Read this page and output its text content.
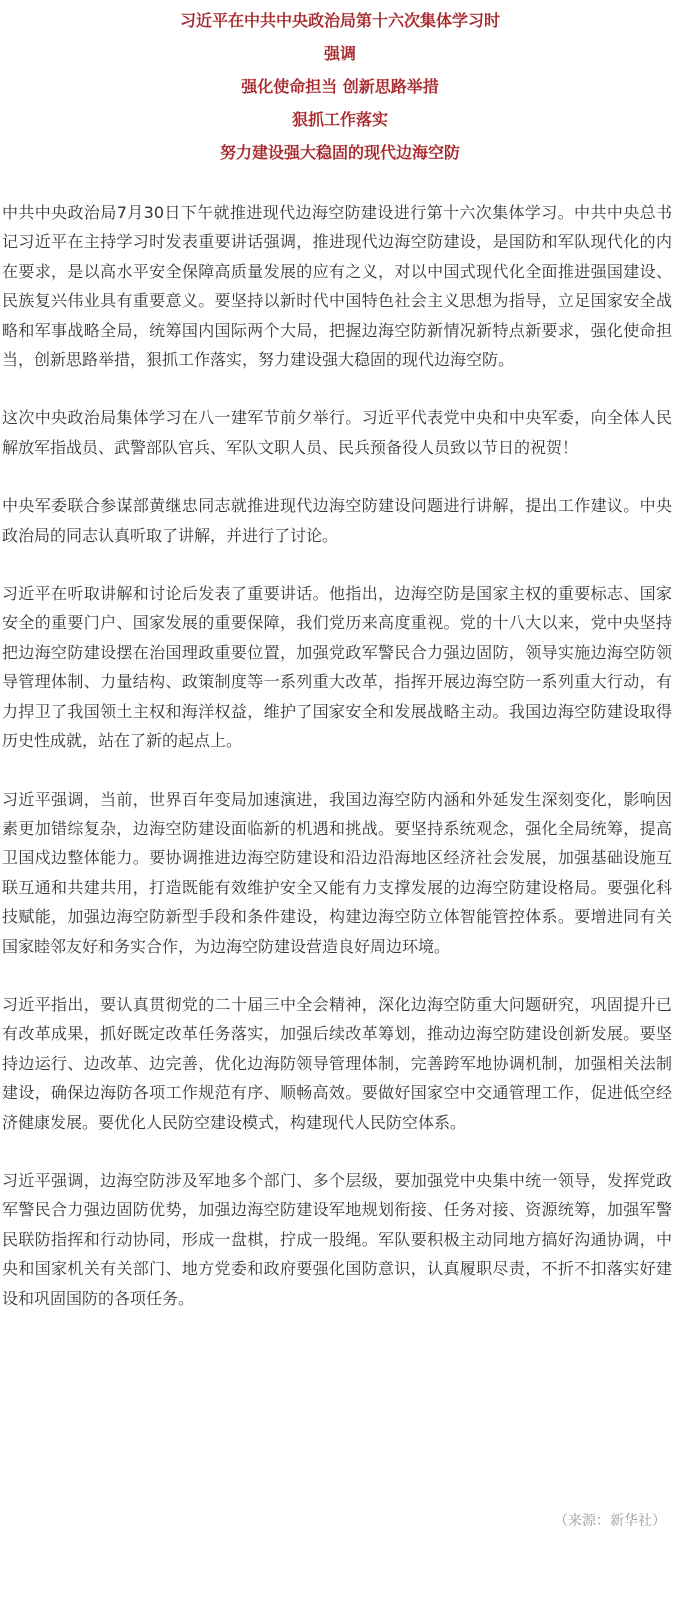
习近平在中共中央政治局第十六次集体学习时
强调
强化使命担当 创新思路举措
狠抓工作落实
努力建设强大稳固的现代边海空防

中共中央政治局7月30日下午就推进现代边海空防建设进行第十六次集体学习。中共中央总书记习近平在主持学习时发表重要讲话强调，推进现代边海空防建设，是国防和军队现代化的内在要求，是以高水平安全保障高质量发展的应有之义，对以中国式现代化全面推进强国建设、民族复兴伟业具有重要意义。要坚持以新时代中国特色社会主义思想为指导，立足国家安全战略和军事战略全局，统筹国内国际两个大局，把握边海空防新情况新特点新要求，强化使命担当，创新思路举措，狠抓工作落实，努力建设强大稳固的现代边海空防。

这次中央政治局集体学习在八一建军节前夕举行。习近平代表党中央和中央军委，向全体人民解放军指战员、武警部队官兵、军队文职人员、民兵预备役人员致以节日的祝贺！

中央军委联合参谋部黄继忠同志就推进现代边海空防建设问题进行讲解，提出工作建议。中央政治局的同志认真听取了讲解，并进行了讨论。

习近平在听取讲解和讨论后发表了重要讲话。他指出，边海空防是国家主权的重要标志、国家安全的重要门户、国家发展的重要保障，我们党历来高度重视。党的十八大以来，党中央坚持把边海空防建设摆在治国理政重要位置，加强党政军警民合力强边固防，领导实施边海空防领导管理体制、力量结构、政策制度等一系列重大改革，指挥开展边海空防一系列重大行动，有力捍卫了我国领土主权和海洋权益，维护了国家安全和发展战略主动。我国边海空防建设取得历史性成就，站在了新的起点上。

习近平强调，当前，世界百年变局加速演进，我国边海空防内涵和外延发生深刻变化，影响因素更加错综复杂，边海空防建设面临新的机遇和挑战。要坚持系统观念，强化全局统筹，提高卫国戍边整体能力。要协调推进边海空防建设和沿边沿海地区经济社会发展，加强基础设施互联互通和共建共用，打造既能有效维护安全又能有力支撑发展的边海空防建设格局。要强化科技赋能，加强边海空防新型手段和条件建设，构建边海空防立体智能管控体系。要增进同有关国家睦邻友好和务实合作，为边海空防建设营造良好周边环境。

习近平指出，要认真贯彻党的二十届三中全会精神，深化边海空防重大问题研究，巩固提升已有改革成果，抓好既定改革任务落实，加强后续改革筹划，推动边海空防建设创新发展。要坚持边运行、边改革、边完善，优化边海防领导管理体制，完善跨军地协调机制，加强相关法制建设，确保边海防各项工作规范有序、顺畅高效。要做好国家空中交通管理工作，促进低空经济健康发展。要优化人民防空建设模式，构建现代人民防空体系。

习近平强调，边海空防涉及军地多个部门、多个层级，要加强党中央集中统一领导，发挥党政军警民合力强边固防优势，加强边海空防建设军地规划衔接、任务对接、资源统筹，加强军警民联防指挥和行动协同，形成一盘棋，拧成一股绳。军队要积极主动同地方搞好沟通协调，中央和国家机关有关部门、地方党委和政府要强化国防意识，认真履职尽责，不折不扣落实好建设和巩固国防的各项任务。

（来源：新华社）
